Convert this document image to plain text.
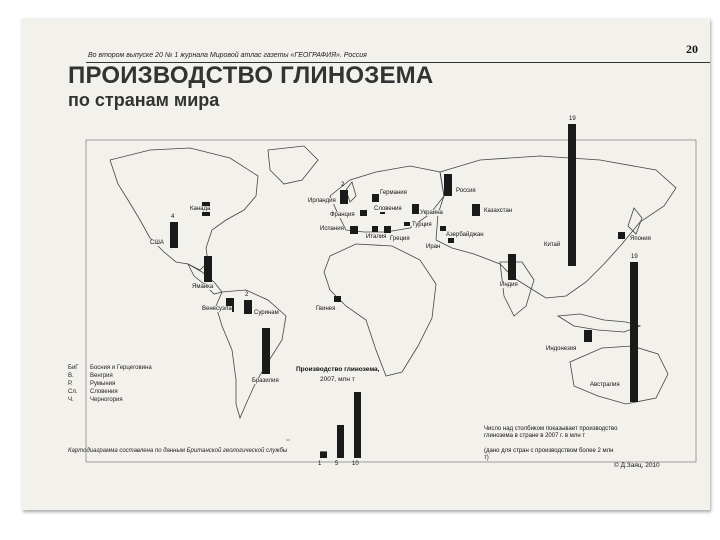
20
Во втором выпуске 20 № 1 журнала Мировой атлас газеты «ГЕОГРАФИЯ». Россия
ПРОИЗВОДСТВО ГЛИНОЗЕМА
по странам мира
Канада
США
4
Ямайка
Венесуэла
Суринам
2
Бразилия
Гвинея
Ирландия
2
Германия
Франция
Словения
Испания
Италия Греция
Украина
Турция
Азербайджан
Иран
Россия
Казахстан
Китай
19
Япония
Индия
Индонезия
Австралия
19
БиГ	Босния и Герцеговина
В.	Венгрия
Р.	Румыния
Сл.	Словения
Ч.	Черногория
Производство глинозема,
2007, млн т
1 5 10
Число над столбиком показывает производство глинозема в стране в 2007 г. в млн т
(дано для стран с производством более 2 млн т)
Картодиаграмма составлена по данным Британской геологической службы
© Д.Заяц, 2010
